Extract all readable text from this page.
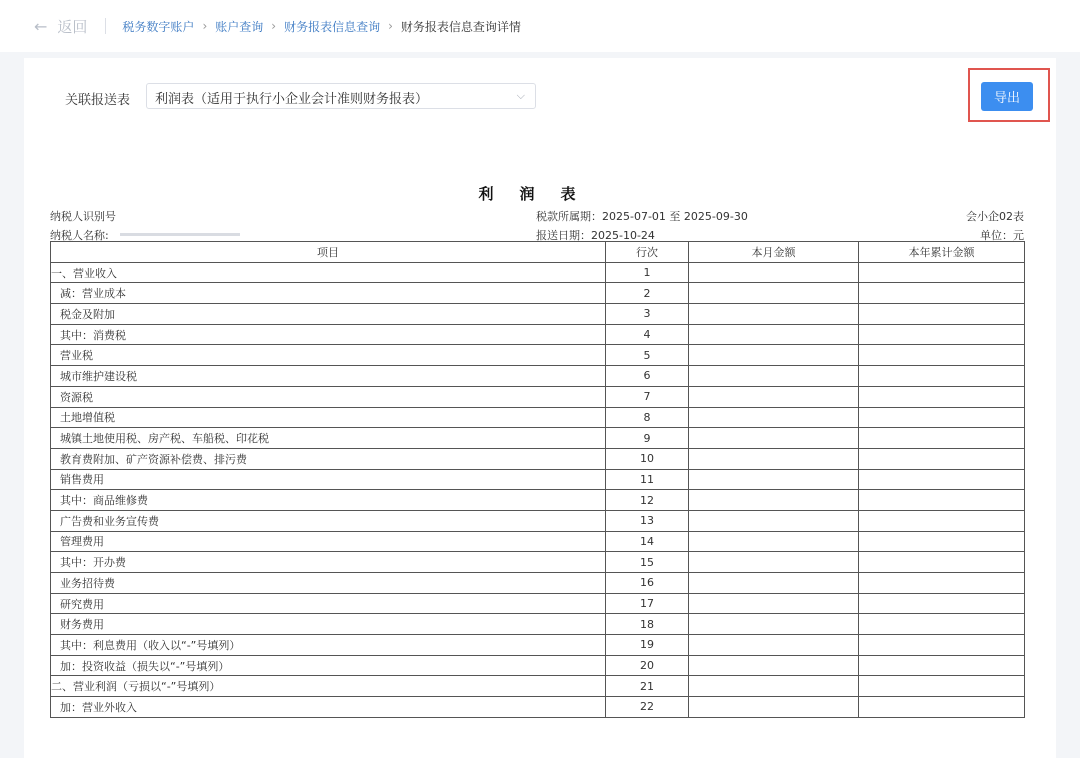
← 返回	税务数字账户 › 账户查询 › 财务报表信息查询 › 财务报表信息查询详情
关联报送表	利润表（适用于执行小企业会计准则财务报表）	⌵	导出
利润表
纳税人识别号
纳税人名称:
税款所属期：2025-07-01 至 2025-09-30
报送日期：2025-10-24
会小企02表
单位：元
项目	行次	本月金额	本年累计金额
一、营业收入	1		
减：营业成本	2		
税金及附加	3		
其中：消费税	4		
营业税	5		
城市维护建设税	6		
资源税	7		
土地增值税	8		
城镇土地使用税、房产税、车船税、印花税	9		
教育费附加、矿产资源补偿费、排污费	10		
销售费用	11		
其中：商品维修费	12		
广告费和业务宣传费	13		
管理费用	14		
其中：开办费	15		
业务招待费	16		
研究费用	17		
财务费用	18		
其中：利息费用（收入以“-”号填列）	19		
加：投资收益（损失以“-”号填列）	20		
二、营业利润（亏损以“-”号填列）	21		
加：营业外收入	22		
